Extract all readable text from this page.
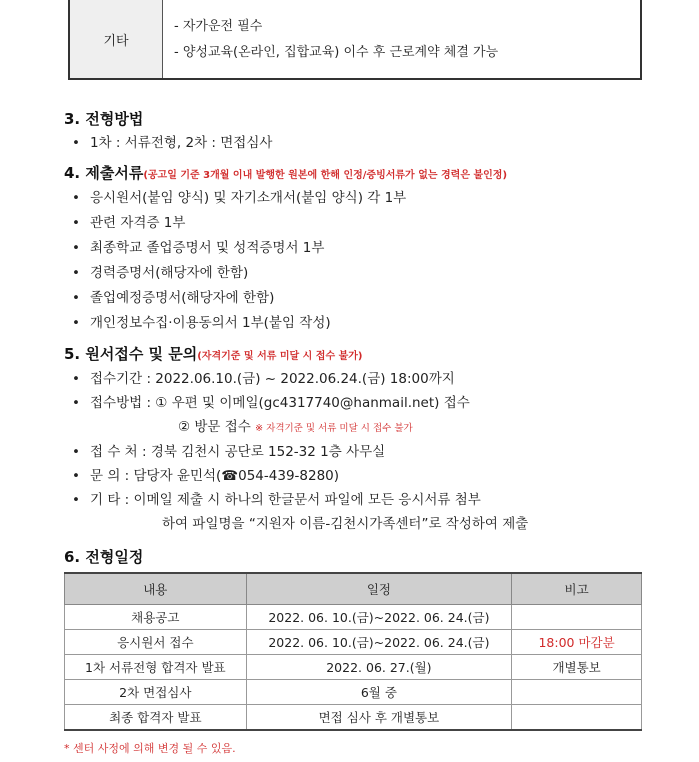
기타
- 자가운전 필수
- 양성교육(온라인, 집합교육) 이수 후 근로계약 체결 가능
3. 전형방법
• 1차 : 서류전형, 2차 : 면접심사
4. 제출서류(공고일 기준 3개월 이내 발행한 원본에 한해 인정/증빙서류가 없는 경력은 불인정)
• 응시원서(붙임 양식) 및 자기소개서(붙임 양식) 각 1부
• 관련 자격증 1부
• 최종학교 졸업증명서 및 성적증명서 1부
• 경력증명서(해당자에 한함)
• 졸업예정증명서(해당자에 한함)
• 개인정보수집·이용동의서 1부(붙임 작성)
5. 원서접수 및 문의(자격기준 및 서류 미달 시 접수 불가)
• 접수기간 : 2022.06.10.(금) ~ 2022.06.24.(금) 18:00까지
• 접수방법 : ① 우편 및 이메일(gc4317740@hanmail.net) 접수
② 방문 접수 ※ 자격기준 및 서류 미달 시 접수 불가
• 접 수 처 : 경북 김천시 공단로 152-32 1층 사무실
• 문 의 : 담당자 윤민석(☎054-439-8280)
• 기 타 : 이메일 제출 시 하나의 한글문서 파일에 모든 응시서류 첨부
하여 파일명을 “지원자 이름-김천시가족센터”로 작성하여 제출
6. 전형일정
내용	일정	비고
채용공고	2022. 06. 10.(금)~2022. 06. 24.(금)	
응시원서 접수	2022. 06. 10.(금)~2022. 06. 24.(금)	18:00 마감분
1차 서류전형 합격자 발표	2022. 06. 27.(월)	개별통보
2차 면접심사	6월 중	
최종 합격자 발표	면접 심사 후 개별통보	
* 센터 사정에 의해 변경 될 수 있음.
